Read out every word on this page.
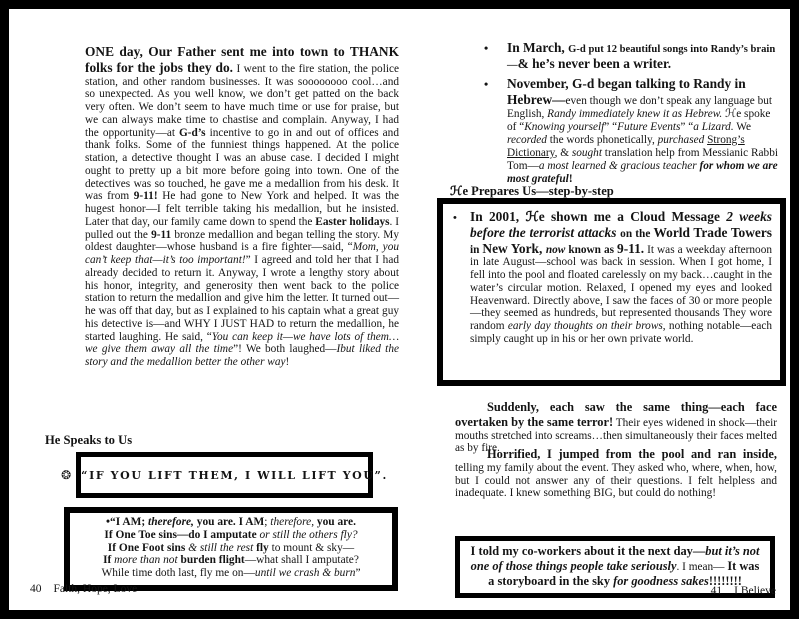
ONE day, Our Father sent me into town to THANK folks for the jobs they do. I went to the fire station, the police station, and other random businesses. It was soooooooo cool…and so unexpected. As you well know, we don’t get patted on the back very often. We don’t seem to have much time or use for praise, but we can always make time to chastise and complain. Anyway, I had the opportunity—at G-d’s incentive to go in and out of offices and thank folks. Some of the funniest things happened. At the police station, a detective thought I was an abuse case. I decided I might ought to pretty up a bit more before going into town. One of the detectives was so touched, he gave me a medallion from his desk. It was from 9-11! He had gone to New York and helped. It was the hugest honor—I felt terrible taking his medallion, but he insisted. Later that day, our family came down to spend the Easter holidays. I pulled out the 9-11 bronze medallion and began telling the story. My oldest daughter—whose husband is a fire fighter—said, “Mom, you can’t keep that—it’s too important!” I agreed and told her that I had already decided to return it. Anyway, I wrote a lengthy story about his honor, integrity, and generosity then went back to the police station to return the medallion and give him the letter. It turned out—he was off that day, but as I explained to his captain what a great guy his detective is—and WHY I JUST HAD to return the medallion, he started laughing. He said, “You can keep it—we have lots of them…we give them away all the time”! We both laughed—Ibut liked the story and the medallion better the other way!
He Speaks to Us
❂ “IF YOU LIFT THEM, I WILL LIFT YOU”.
•“I AM; therefore, you are. I AM; therefore, you are.
If One Toe sins—do I amputate or still the others fly?
If One Foot sins & still the rest fly to mount & sky—
If more than not burden flight—what shall I amputate?
While time doth last, fly me on—until we crash & burn”
40 Faith, Hope, Love
• In March, G-d put 12 beautiful songs into Randy’s brain—& he’s never been a writer.
• November, G-d began talking to Randy in Hebrew—even though we don’t speak any language but English, Randy immediately knew it as Hebrew. ℋe spoke of “Knowing yourself” “Future Events” “a Lizard. We recorded the words phonetically, purchased Strong’s Dictionary, & sought translation help from Messianic Rabbi Tom—a most learned & gracious teacher for whom we are most grateful!
ℋe Prepares Us—step-by-step
• In 2001, ℋe shown me a Cloud Message 2 weeks before the terrorist attacks on the World Trade Towers in New York, now known as 9-11. It was a weekday afternoon in late August—school was back in session. When I got home, I fell into the pool and floated carelessly on my back…caught in the water’s circular motion. Relaxed, I opened my eyes and looked Heavenward. Directly above, I saw the faces of 30 or more people—they seemed as hundreds, but represented thousands They wore random early day thoughts on their brows, nothing notable—each simply caught up in his or her own private world.
Suddenly, each saw the same thing—each face overtaken by the same terror! Their eyes widened in shock—their mouths stretched into screams…then simultaneously their faces melted as by fire.
Horrified, I jumped from the pool and ran inside, telling my family about the event. They asked who, where, when, how, but I could not answer any of their questions. I felt helpless and inadequate. I knew something BIG, but could do nothing!
I told my co-workers about it the next day—but it’s not one of those things people take seriously. I mean— It was a storyboard in the sky for goodness sakes!!!!!!!!
41 I Believe
